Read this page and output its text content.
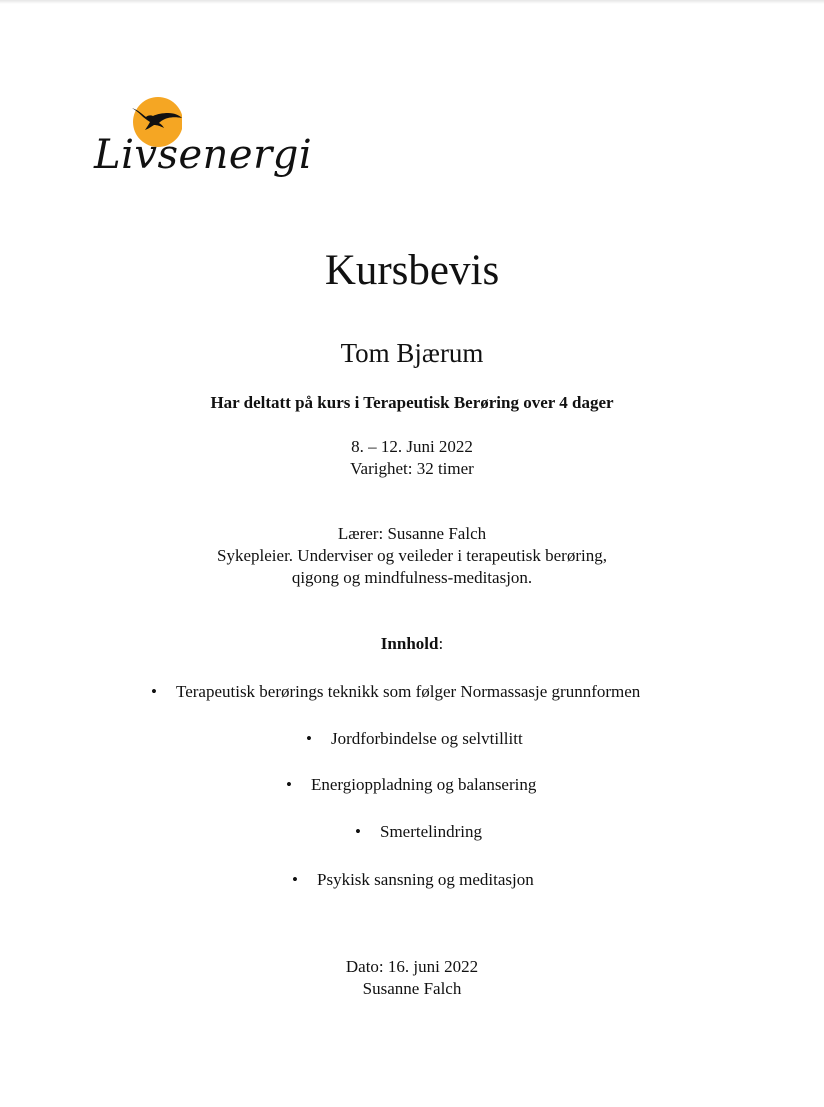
Livsenergi
Kursbevis
Tom Bjærum
Har deltatt på kurs i Terapeutisk Berøring over 4 dager
8. – 12. Juni 2022
Varighet: 32 timer
Lærer: Susanne Falch
Sykepleier. Underviser og veileder i terapeutisk berøring,
qigong og mindfulness-meditasjon.
Innhold:
• Terapeutisk berørings teknikk som følger Normassasje grunnformen
• Jordforbindelse og selvtillitt
• Energioppladning og balansering
• Smertelindring
• Psykisk sansning og meditasjon
Dato: 16. juni 2022
Susanne Falch
